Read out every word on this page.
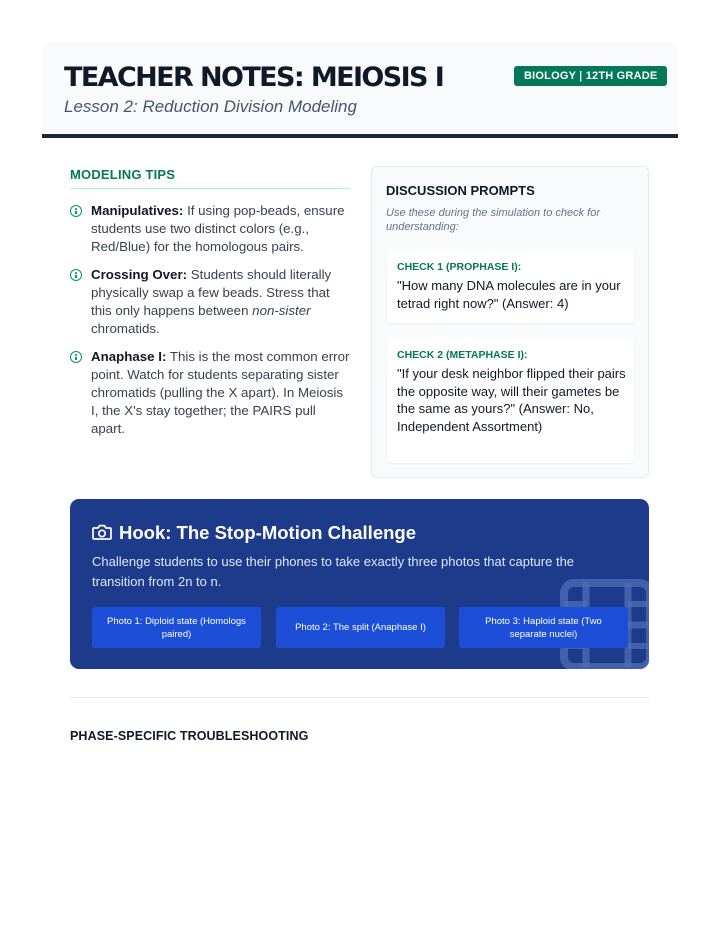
TEACHER NOTES: MEIOSIS I
Lesson 2: Reduction Division Modeling
BIOLOGY | 12TH GRADE
MODELING TIPS
Manipulatives: If using pop-beads, ensure students use two distinct colors (e.g., Red/Blue) for the homologous pairs.
Crossing Over: Students should literally physically swap a few beads. Stress that this only happens between non-sister chromatids.
Anaphase I: This is the most common error point. Watch for students separating sister chromatids (pulling the X apart). In Meiosis I, the X's stay together; the PAIRS pull apart.
DISCUSSION PROMPTS
Use these during the simulation to check for understanding:
CHECK 1 (PROPHASE I):
"How many DNA molecules are in your tetrad right now?" (Answer: 4)
CHECK 2 (METAPHASE I):
"If your desk neighbor flipped their pairs the opposite way, will their gametes be the same as yours?" (Answer: No, Independent Assortment)
Hook: The Stop-Motion Challenge
Challenge students to use their phones to take exactly three photos that capture the transition from 2n to n.
Photo 1: Diploid state (Homologs paired)
Photo 2: The split (Anaphase I)
Photo 3: Haploid state (Two separate nuclei)
PHASE-SPECIFIC TROUBLESHOOTING
